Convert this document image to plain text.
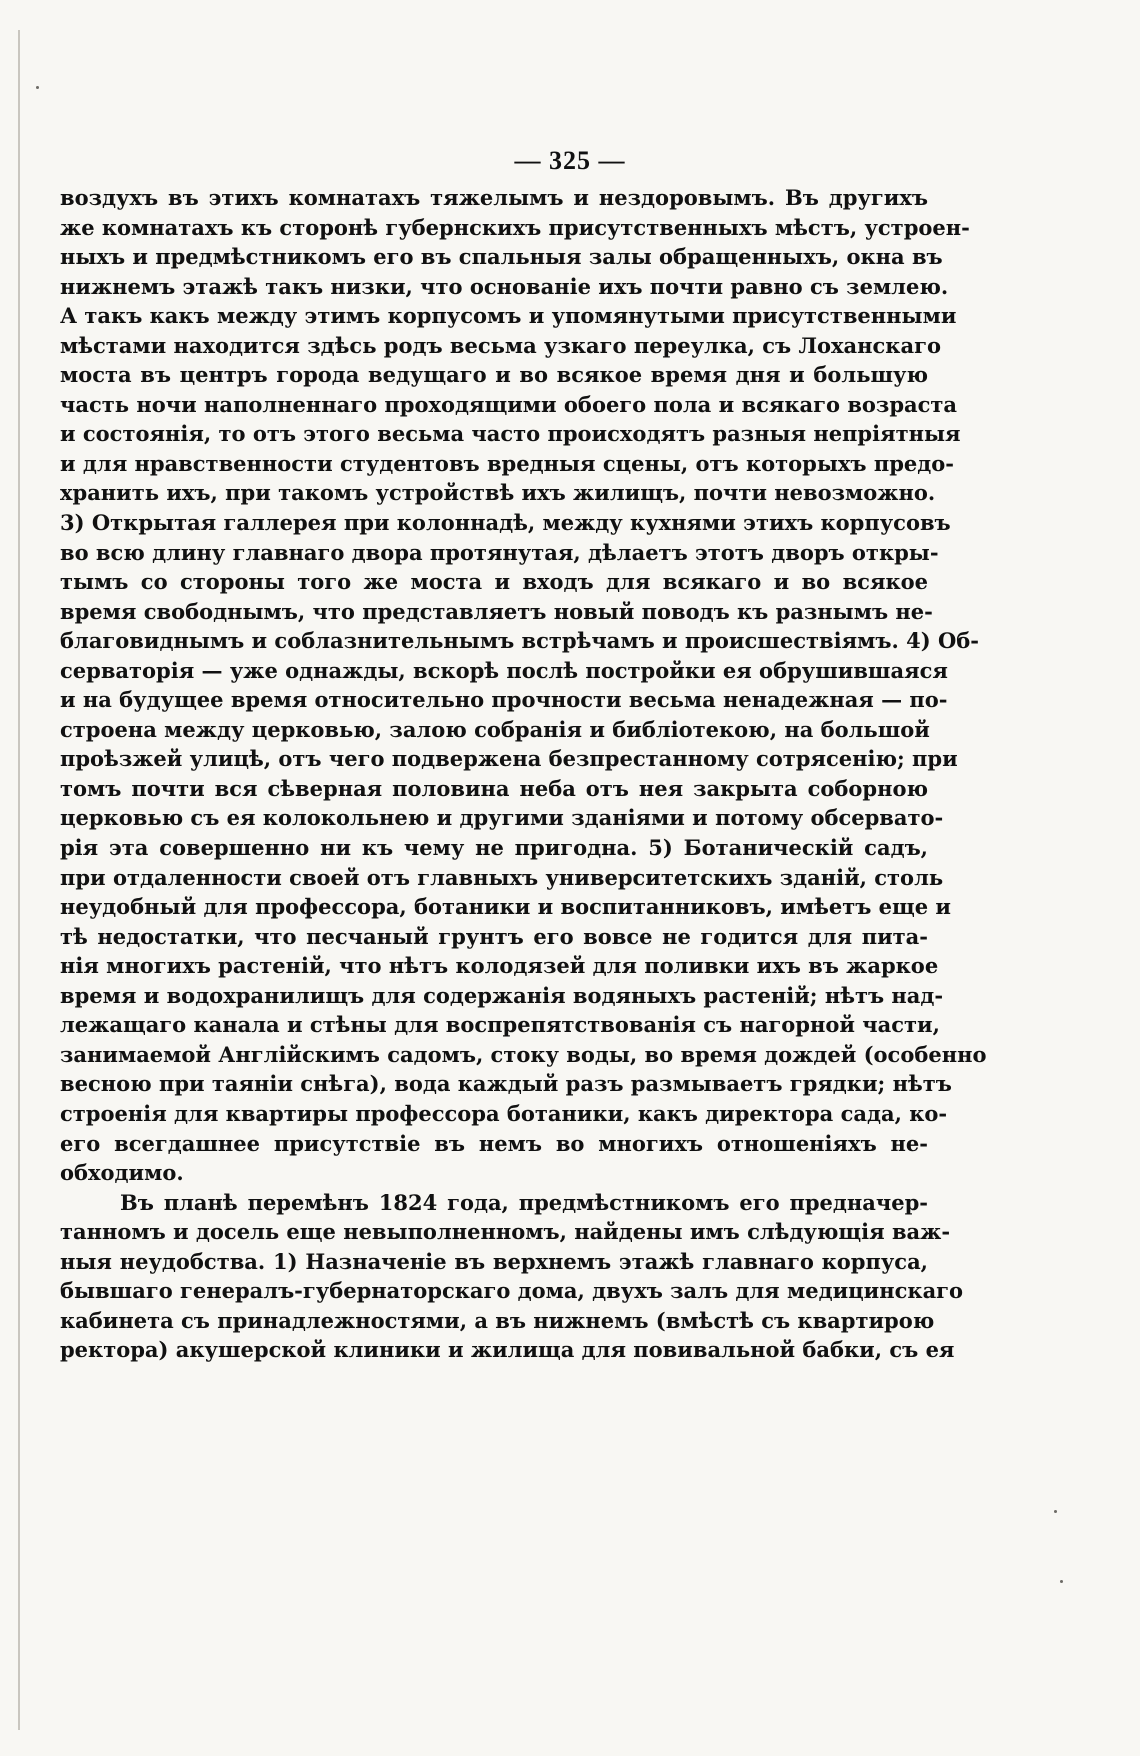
— 325 —
воздухъ въ этихъ комнатахъ тяжелымъ и нездоровымъ. Въ другихъ
же комнатахъ къ сторонѣ губернскихъ присутственныхъ мѣстъ, устроен-
ныхъ и предмѣстникомъ его въ спальныя залы обращенныхъ, окна въ
нижнемъ этажѣ такъ низки, что основаніе ихъ почти равно съ землею.
А такъ какъ между этимъ корпусомъ и упомянутыми присутственными
мѣстами находится здѣсь родъ весьма узкаго переулка, съ Лоханскаго
моста въ центръ города ведущаго и во всякое время дня и большую
часть ночи наполненнаго проходящими обоего пола и всякаго возраста
и состоянія, то отъ этого весьма часто происходятъ разныя непріятныя
и для нравственности студентовъ вредныя сцены, отъ которыхъ предо-
хранить ихъ, при такомъ устройствѣ ихъ жилищъ, почти невозможно.
3) Открытая галлерея при колоннадѣ, между кухнями этихъ корпусовъ
во всю длину главнаго двора протянутая, дѣлаетъ этотъ дворъ откры-
тымъ со стороны того же моста и входъ для всякаго и во всякое
время свободнымъ, что представляетъ новый поводъ къ разнымъ не-
благовиднымъ и соблазнительнымъ встрѣчамъ и происшествіямъ. 4) Об-
серваторія — уже однажды, вскорѣ послѣ постройки ея обрушившаяся
и на будущее время относительно прочности весьма ненадежная — по-
строена между церковью, залою собранія и библіотекою, на большой
проѣзжей улицѣ, отъ чего подвержена безпрестанному сотрясенію; при
томъ почти вся сѣверная половина неба отъ нея закрыта соборною
церковью съ ея колокольнею и другими зданіями и потому обсервато-
рія эта совершенно ни къ чему не пригодна. 5) Ботаническій садъ,
при отдаленности своей отъ главныхъ университетскихъ зданій, столь
неудобный для профессора, ботаники и воспитанниковъ, имѣетъ еще и
тѣ недостатки, что песчаный грунтъ его вовсе не годится для пита-
нія многихъ растеній, что нѣтъ колодязей для поливки ихъ въ жаркое
время и водохранилищъ для содержанія водяныхъ растеній; нѣтъ над-
лежащаго канала и стѣны для воспрепятствованія съ нагорной части,
занимаемой Англійскимъ садомъ, стоку воды, во время дождей (особенно
весною при таяніи снѣга), вода каждый разъ размываетъ грядки; нѣтъ
строенія для квартиры профессора ботаники, какъ директора сада, ко-
его всегдашнее присутствіе въ немъ во многихъ отношеніяхъ не-
обходимо.
Въ планѣ перемѣнъ 1824 года, предмѣстникомъ его предначер-
танномъ и досель еще невыполненномъ, найдены имъ слѣдующія важ-
ныя неудобства. 1) Назначеніе въ верхнемъ этажѣ главнаго корпуса,
бывшаго генералъ-губернаторскаго дома, двухъ залъ для медицинскаго
кабинета съ принадлежностями, а въ нижнемъ (вмѣстѣ съ квартирою
ректора) акушерской клиники и жилища для повивальной бабки, съ ея
